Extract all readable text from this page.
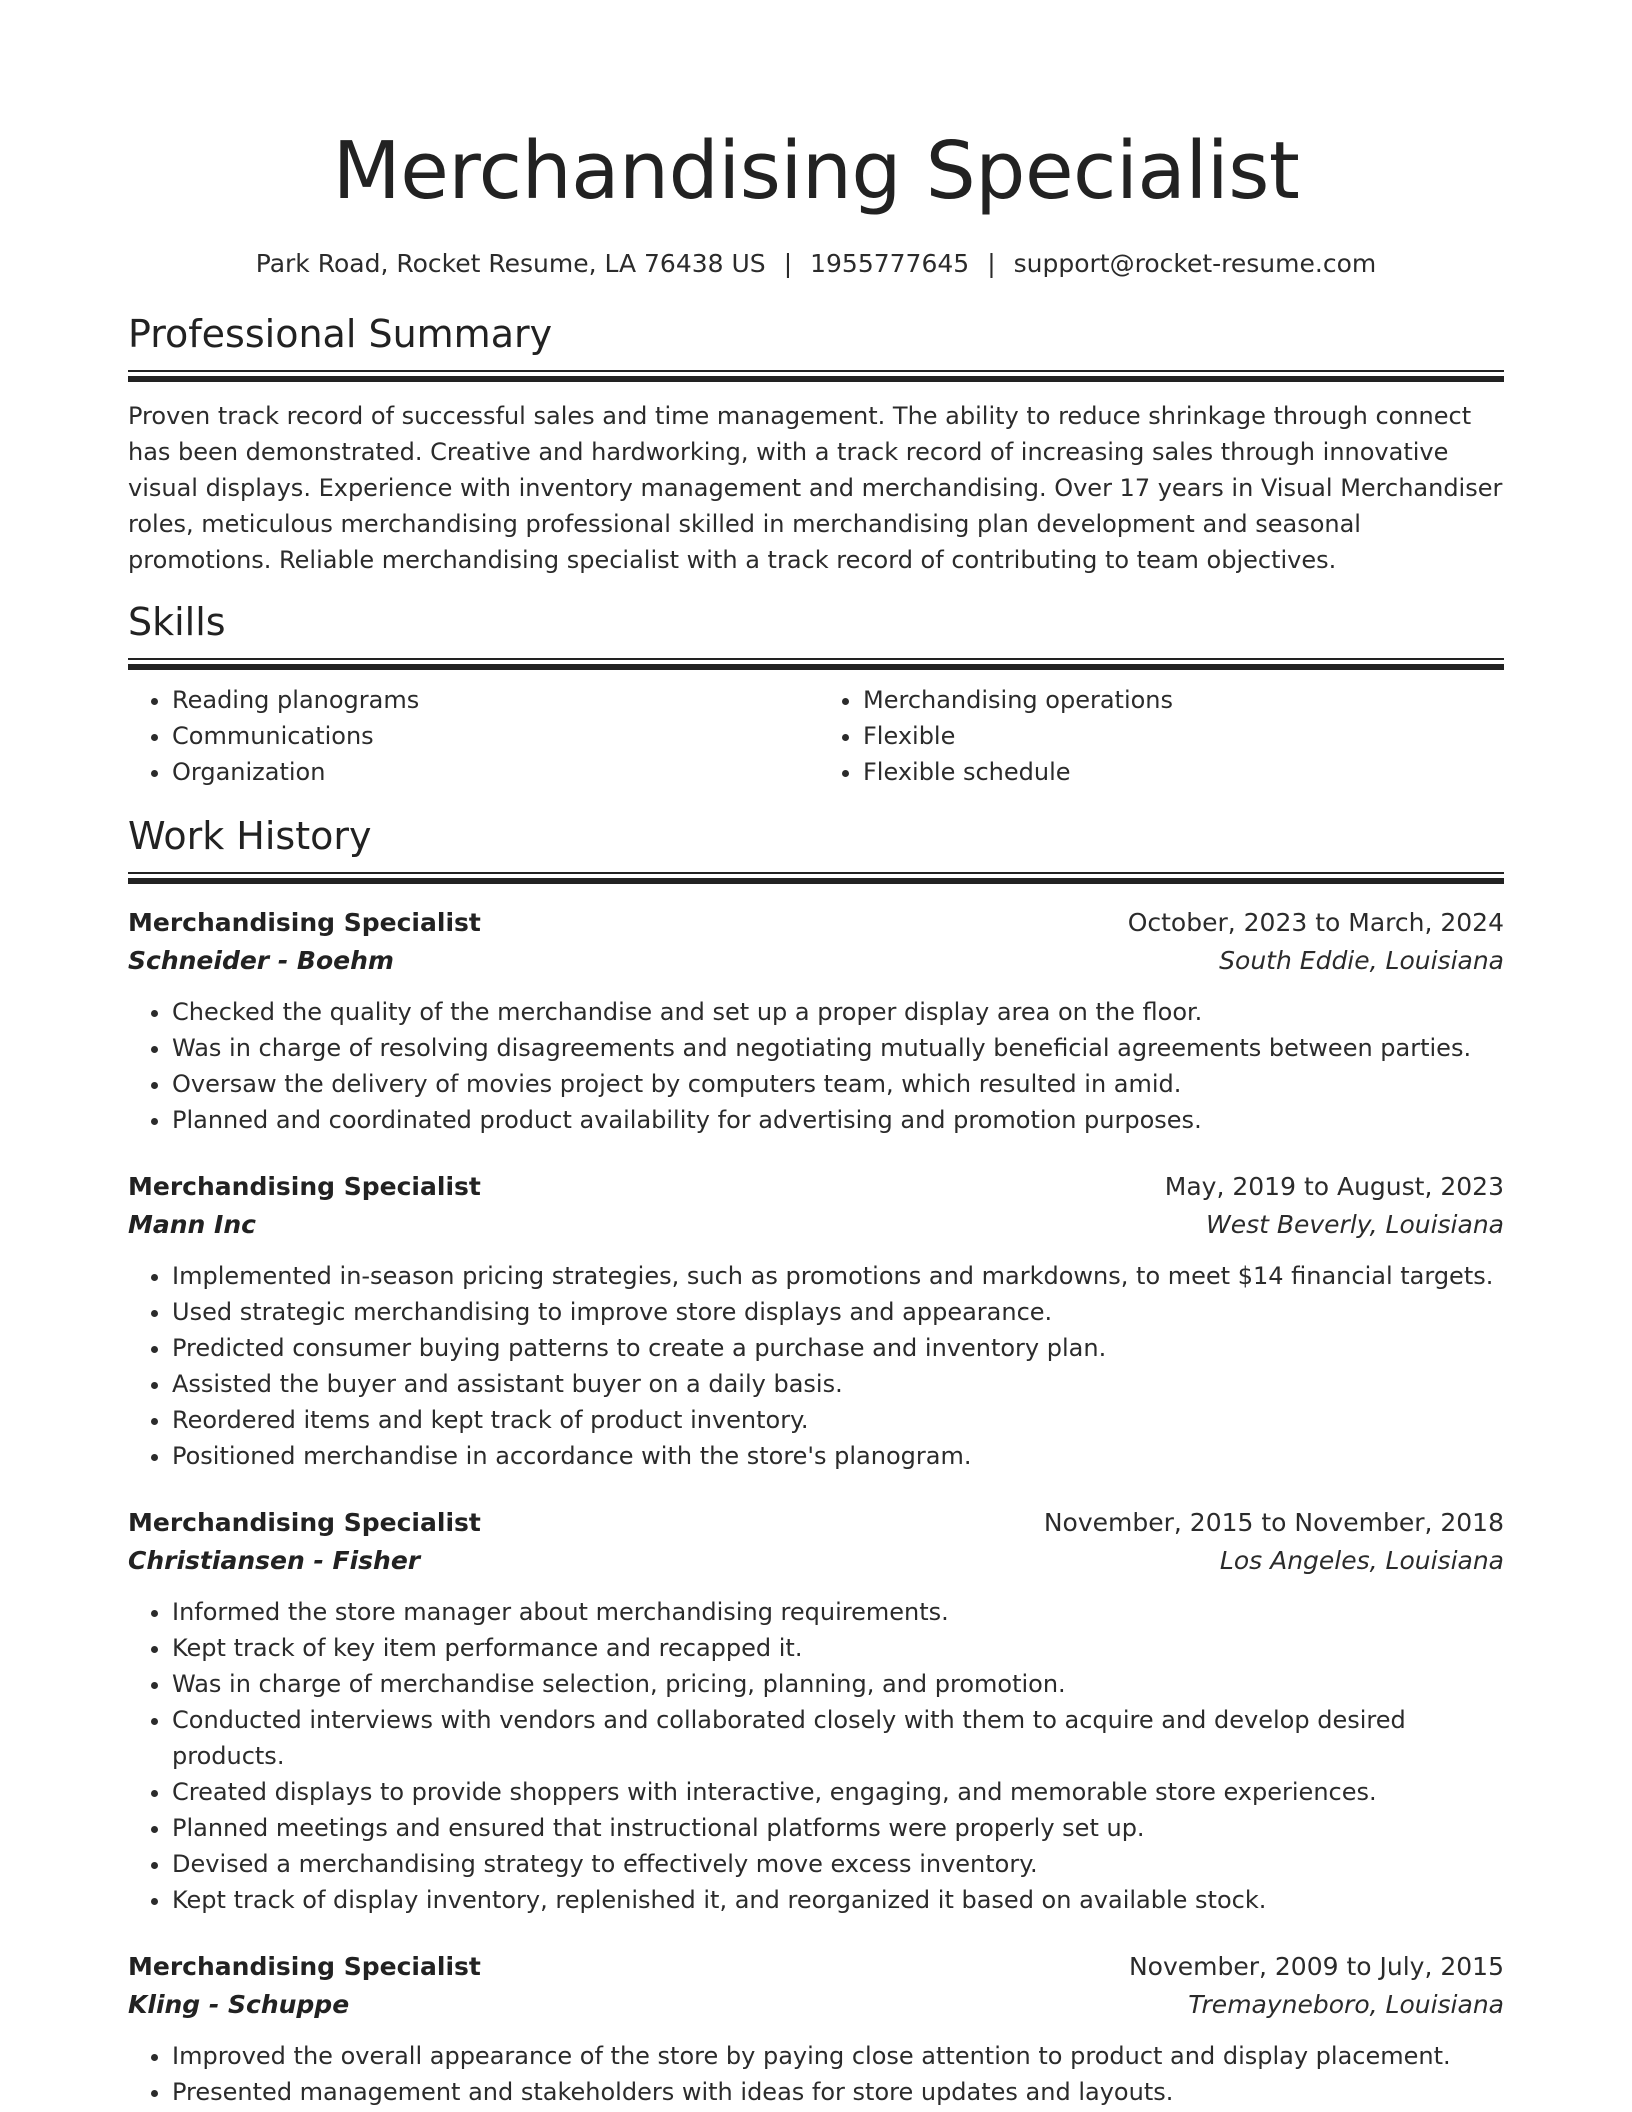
Merchandising Specialist
Park Road, Rocket Resume, LA 76438 US | 1955777645 | support@rocket-resume.com
Professional Summary

Proven track record of successful sales and time management. The ability to reduce shrinkage through connect has been demonstrated. Creative and hardworking, with a track record of increasing sales through innovative visual displays. Experience with inventory management and merchandising. Over 17 years in Visual Merchandiser roles, meticulous merchandising professional skilled in merchandising plan development and seasonal promotions. Reliable merchandising specialist with a track record of contributing to team objectives.

Skills
• Reading planograms
• Communications
• Organization
• Merchandising operations
• Flexible
• Flexible schedule
Work History
Merchandising Specialist	October, 2023 to March, 2024
Schneider - Boehm	South Eddie, Louisiana
• Checked the quality of the merchandise and set up a proper display area on the floor.
• Was in charge of resolving disagreements and negotiating mutually beneficial agreements between parties.
• Oversaw the delivery of movies project by computers team, which resulted in amid.
• Planned and coordinated product availability for advertising and promotion purposes.
Merchandising Specialist	May, 2019 to August, 2023
Mann Inc	West Beverly, Louisiana
• Implemented in-season pricing strategies, such as promotions and markdowns, to meet $14 financial targets.
• Used strategic merchandising to improve store displays and appearance.
• Predicted consumer buying patterns to create a purchase and inventory plan.
• Assisted the buyer and assistant buyer on a daily basis.
• Reordered items and kept track of product inventory.
• Positioned merchandise in accordance with the store's planogram.
Merchandising Specialist	November, 2015 to November, 2018
Christiansen - Fisher	Los Angeles, Louisiana
• Informed the store manager about merchandising requirements.
• Kept track of key item performance and recapped it.
• Was in charge of merchandise selection, pricing, planning, and promotion.
• Conducted interviews with vendors and collaborated closely with them to acquire and develop desired products.
• Created displays to provide shoppers with interactive, engaging, and memorable store experiences.
• Planned meetings and ensured that instructional platforms were properly set up.
• Devised a merchandising strategy to effectively move excess inventory.
• Kept track of display inventory, replenished it, and reorganized it based on available stock.
Merchandising Specialist	November, 2009 to July, 2015
Kling - Schuppe	Tremayneboro, Louisiana
• Improved the overall appearance of the store by paying close attention to product and display placement.
• Presented management and stakeholders with ideas for store updates and layouts.
